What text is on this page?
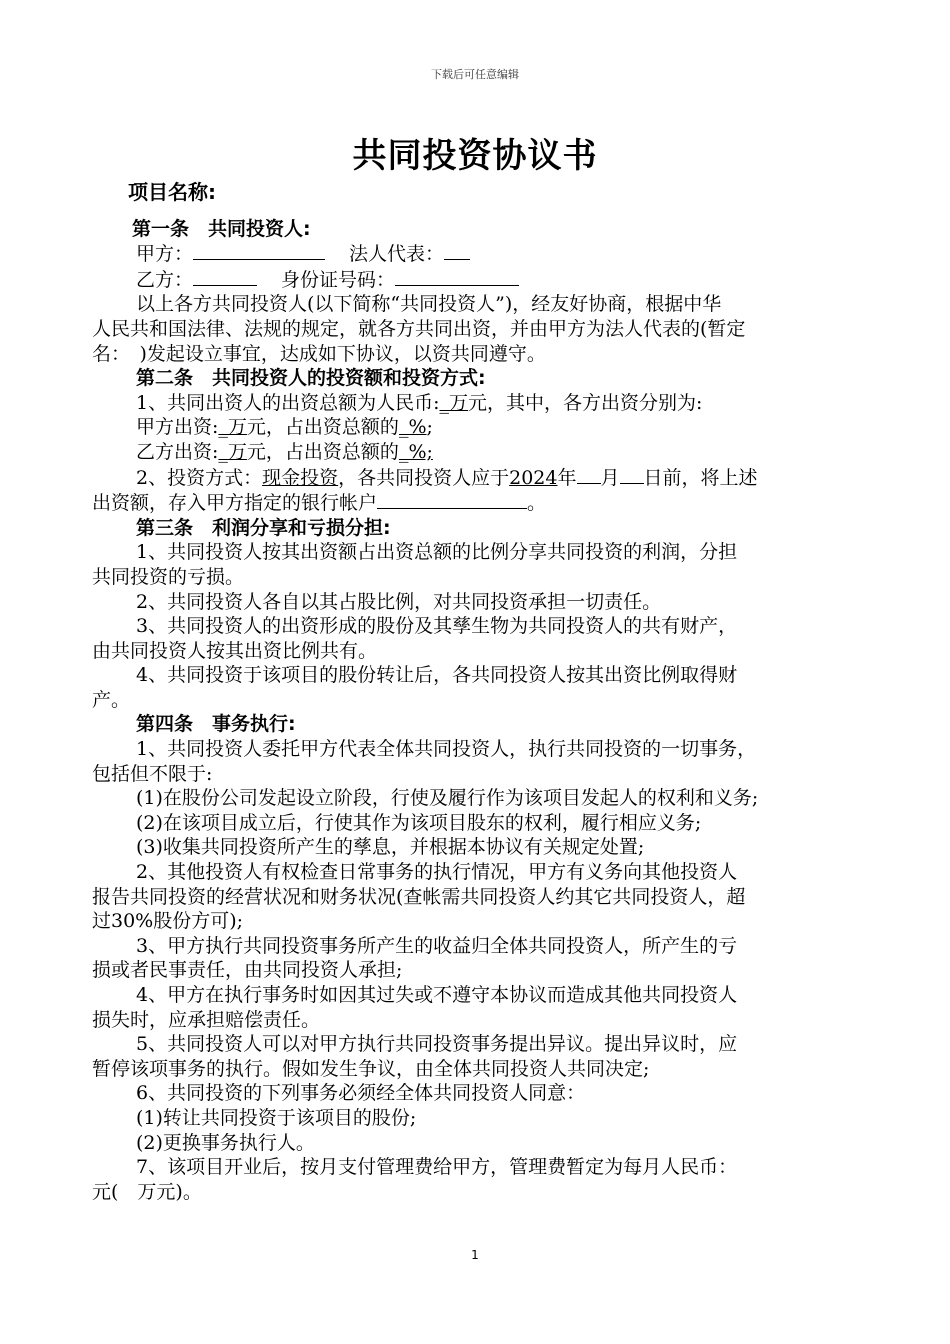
下载后可任意编辑
共同投资协议书
项目名称:
第一条　共同投资人:
甲方：	法人代表：
乙方：	身份证号码：
以上各方共同投资人(以下简称“共同投资人”)，经友好协商，根据中华
人民共和国法律、法规的规定，就各方共同出资，并由甲方为法人代表的(暂定
名：　)发起设立事宜，达成如下协议，以资共同遵守。
第二条　共同投资人的投资额和投资方式:
1、共同出资人的出资总额为人民币:_万元，其中，各方出资分别为:
甲方出资:_万元，占出资总额的_%;
乙方出资:_万元，占出资总额的_%;
2、投资方式：现金投资，各共同投资人应于2024年 月 日前，将上述
出资额，存入甲方指定的银行帐户	。
第三条　利润分享和亏损分担:
1、共同投资人按其出资额占出资总额的比例分享共同投资的利润，分担
共同投资的亏损。
2、共同投资人各自以其占股比例，对共同投资承担一切责任。
3、共同投资人的出资形成的股份及其孳生物为共同投资人的共有财产，
由共同投资人按其出资比例共有。
4、共同投资于该项目的股份转让后，各共同投资人按其出资比例取得财
产。
第四条　事务执行:
1、共同投资人委托甲方代表全体共同投资人，执行共同投资的一切事务，
包括但不限于:
(1)在股份公司发起设立阶段，行使及履行作为该项目发起人的权利和义务;
(2)在该项目成立后，行使其作为该项目股东的权利，履行相应义务;
(3)收集共同投资所产生的孳息，并根据本协议有关规定处置;
2、其他投资人有权检查日常事务的执行情况，甲方有义务向其他投资人
报告共同投资的经营状况和财务状况(查帐需共同投资人约其它共同投资人，超
过30%股份方可);
3、甲方执行共同投资事务所产生的收益归全体共同投资人，所产生的亏
损或者民事责任，由共同投资人承担;
4、甲方在执行事务时如因其过失或不遵守本协议而造成其他共同投资人
损失时，应承担赔偿责任。
5、共同投资人可以对甲方执行共同投资事务提出异议。提出异议时，应
暂停该项事务的执行。假如发生争议，由全体共同投资人共同决定;
6、共同投资的下列事务必须经全体共同投资人同意：
(1)转让共同投资于该项目的股份;
(2)更换事务执行人。
7、该项目开业后，按月支付管理费给甲方，管理费暂定为每月人民币：
元(　万元)。
1
